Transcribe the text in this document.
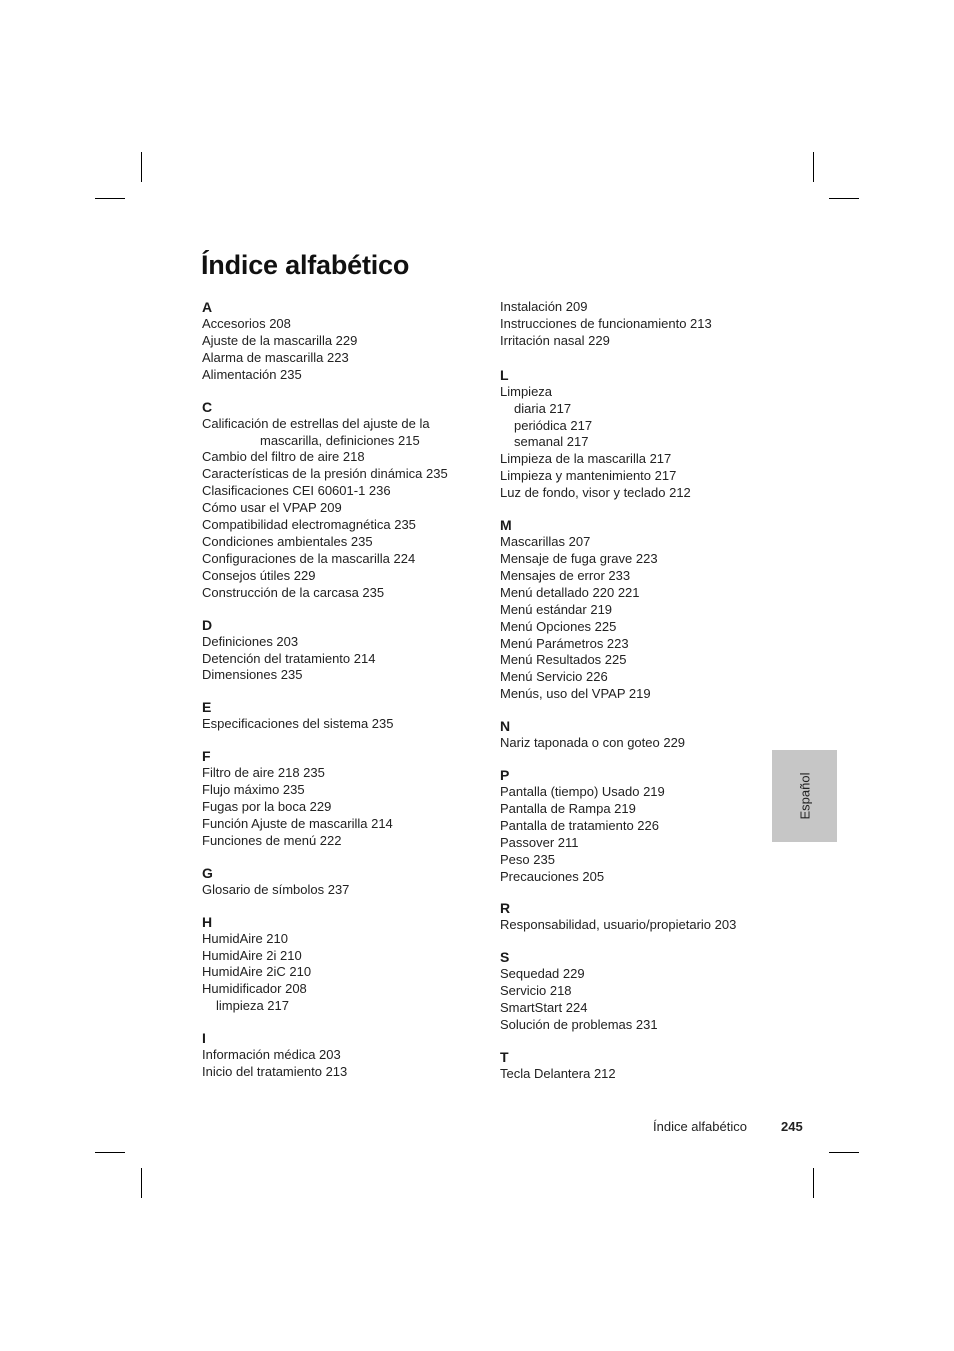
Índice alfabético
A
Accesorios 208
Ajuste de la mascarilla 229
Alarma de mascarilla 223
Alimentación 235
C
Calificación de estrellas del ajuste de la
mascarilla, definiciones 215
Cambio del filtro de aire 218
Características de la presión dinámica 235
Clasificaciones CEI 60601-1 236
Cómo usar el VPAP 209
Compatibilidad electromagnética 235
Condiciones ambientales 235
Configuraciones de la mascarilla 224
Consejos útiles 229
Construcción de la carcasa 235
D
Definiciones 203
Detención del tratamiento 214
Dimensiones 235
E
Especificaciones del sistema 235
F
Filtro de aire 218 235
Flujo máximo 235
Fugas por la boca 229
Función Ajuste de mascarilla 214
Funciones de menú 222
G
Glosario de símbolos 237
H
HumidAire 210
HumidAire 2i 210
HumidAire 2iC 210
Humidificador 208
limpieza 217
I
Información médica 203
Inicio del tratamiento 213
Instalación 209
Instrucciones de funcionamiento 213
Irritación nasal 229
L
Limpieza
diaria 217
periódica 217
semanal 217
Limpieza de la mascarilla 217
Limpieza y mantenimiento 217
Luz de fondo, visor y teclado 212
M
Mascarillas 207
Mensaje de fuga grave 223
Mensajes de error 233
Menú detallado 220 221
Menú estándar 219
Menú Opciones 225
Menú Parámetros 223
Menú Resultados 225
Menú Servicio 226
Menús, uso del VPAP 219
N
Nariz taponada o con goteo 229
P
Pantalla (tiempo) Usado 219
Pantalla de Rampa 219
Pantalla de tratamiento 226
Passover 211
Peso 235
Precauciones 205
R
Responsabilidad, usuario/propietario 203
S
Sequedad 229
Servicio 218
SmartStart 224
Solución de problemas 231
T
Tecla Delantera 212
Español
Índice alfabético	245
